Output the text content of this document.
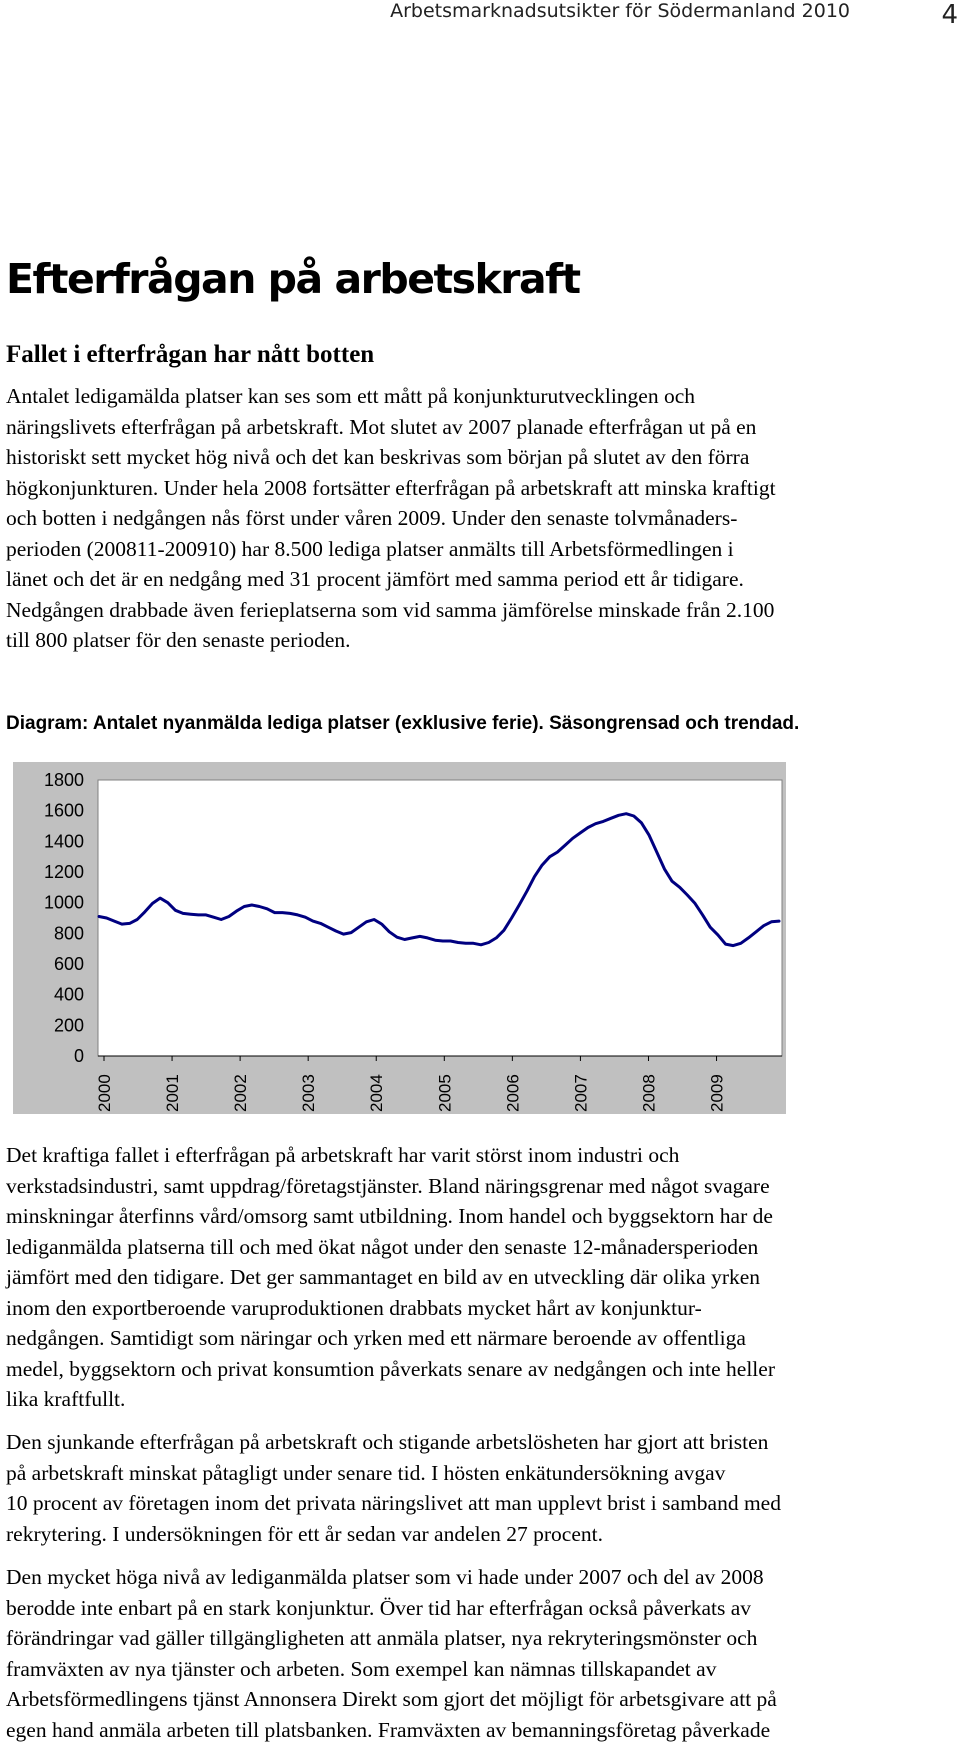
Arbetsmarknadsutsikter för Södermanland 2010	4
Efterfrågan på arbetskraft
Fallet i efterfrågan har nått botten
Antalet ledigamälda platser kan ses som ett mått på konjunkturutvecklingen och
näringslivets efterfrågan på arbetskraft. Mot slutet av 2007 planade efterfrågan ut på en
historiskt sett mycket hög nivå och det kan beskrivas som början på slutet av den förra
högkonjunkturen. Under hela 2008 fortsätter efterfrågan på arbetskraft att minska kraftigt
och botten i nedgången nås först under våren 2009. Under den senaste tolvmånaders-
perioden (200811-200910) har 8.500 lediga platser anmälts till Arbetsförmedlingen i
länet och det är en nedgång med 31 procent jämfört med samma period ett år tidigare.
Nedgången drabbade även ferieplatserna som vid samma jämförelse minskade från 2.100
till 800 platser för den senaste perioden.
Diagram: Antalet nyanmälda lediga platser (exklusive ferie). Säsongrensad och trendad.
1800
1600
1400
1200
1000
800
600
400
200
0
2000	2001	2002	2003	2004	2005	2006	2007	2008	2009
Det kraftiga fallet i efterfrågan på arbetskraft har varit störst inom industri och
verkstadsindustri, samt uppdrag/företagstjänster. Bland näringsgrenar med något svagare
minskningar återfinns vård/omsorg samt utbildning. Inom handel och byggsektorn har de
lediganmälda platserna till och med ökat något under den senaste 12-månadersperioden
jämfört med den tidigare. Det ger sammantaget en bild av en utveckling där olika yrken
inom den exportberoende varuproduktionen drabbats mycket hårt av konjunktur-
nedgången. Samtidigt som näringar och yrken med ett närmare beroende av offentliga
medel, byggsektorn och privat konsumtion påverkats senare av nedgången och inte heller
lika kraftfullt.
Den sjunkande efterfrågan på arbetskraft och stigande arbetslösheten har gjort att bristen
på arbetskraft minskat påtagligt under senare tid. I hösten enkätundersökning avgav
10 procent av företagen inom det privata näringslivet att man upplevt brist i samband med
rekrytering. I undersökningen för ett år sedan var andelen 27 procent.
Den mycket höga nivå av lediganmälda platser som vi hade under 2007 och del av 2008
berodde inte enbart på en stark konjunktur. Över tid har efterfrågan också påverkats av
förändringar vad gäller tillgängligheten att anmäla platser, nya rekryteringsmönster och
framväxten av nya tjänster och arbeten. Som exempel kan nämnas tillskapandet av
Arbetsförmedlingens tjänst Annonsera Direkt som gjort det möjligt för arbetsgivare att på
egen hand anmäla arbeten till platsbanken. Framväxten av bemanningsföretag påverkade
